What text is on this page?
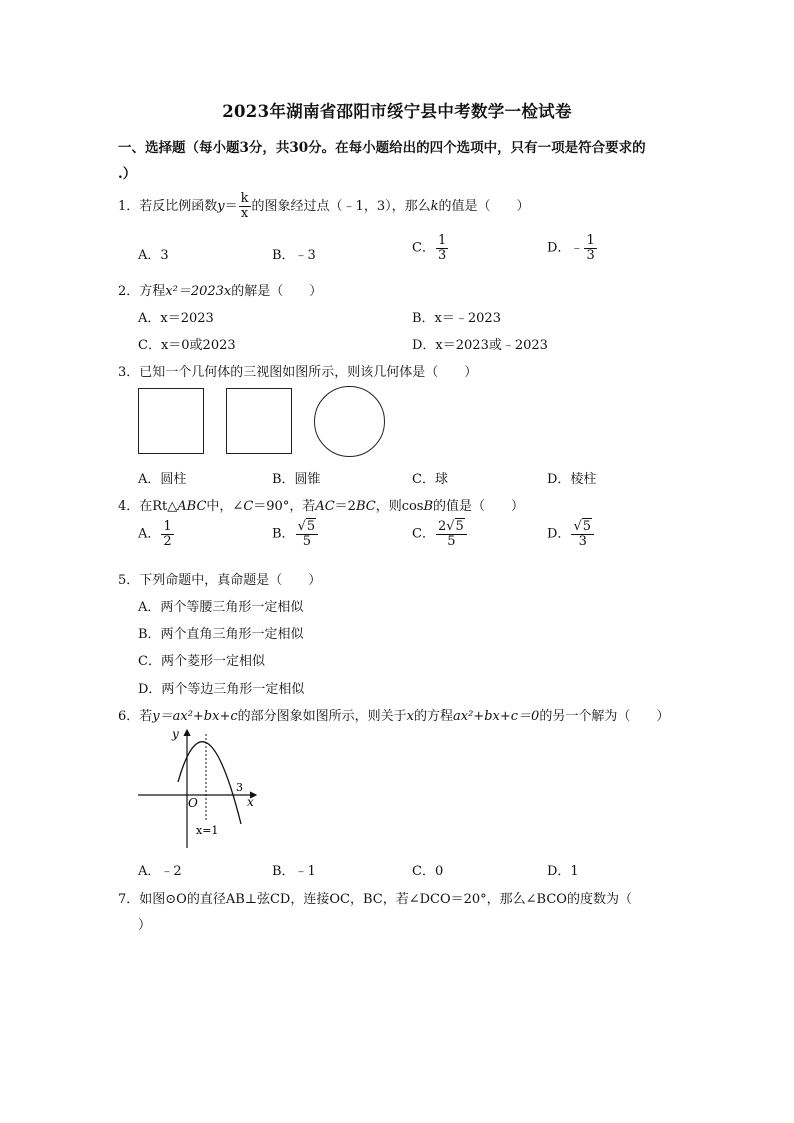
2023年湖南省邵阳市绥宁县中考数学一检试卷
一、选择题（每小题3分，共30分。在每小题给出的四个选项中，只有一项是符合要求的
.）
1．若反比例函数$y= \frac{k}{x}$ 的图象经过点（﹣1，3），那么k的值是（　　）
A．3	B．﹣3	C． $\frac{1}{3}$	D．﹣ $\frac{1}{3}$
2．方程x²＝2023x的解是（　　）
A．x＝2023	B．x＝﹣2023
C．x＝0或2023	D．x＝2023或﹣2023
3．已知一个几何体的三视图如图所示，则该几何体是（　　）
A．圆柱	B．圆锥	C．球	D．棱柱
4．在Rt△ABC中，∠C＝90°，若AC＝2BC，则cosB的值是（　　）
A． $\frac{1}{2}$	B． $\frac{√5}{5}$	C． $\frac{2√5}{5}$	D． $\frac{√5}{3}$
5．下列命题中，真命题是（　　）
A．两个等腰三角形一定相似
B．两个直角三角形一定相似
C．两个菱形一定相似
D．两个等边三角形一定相似
6．若y＝ax²+bx+c的部分图象如图所示，则关于x的方程ax²+bx+c＝0的另一个解为（　　）
y
x
O
3
x=1
A．﹣2	B．﹣1	C．0	D．1
7．如图⊙O的直径AB⊥弦CD，连接OC，BC，若∠DCO＝20°，那么∠BCO的度数为（
）
